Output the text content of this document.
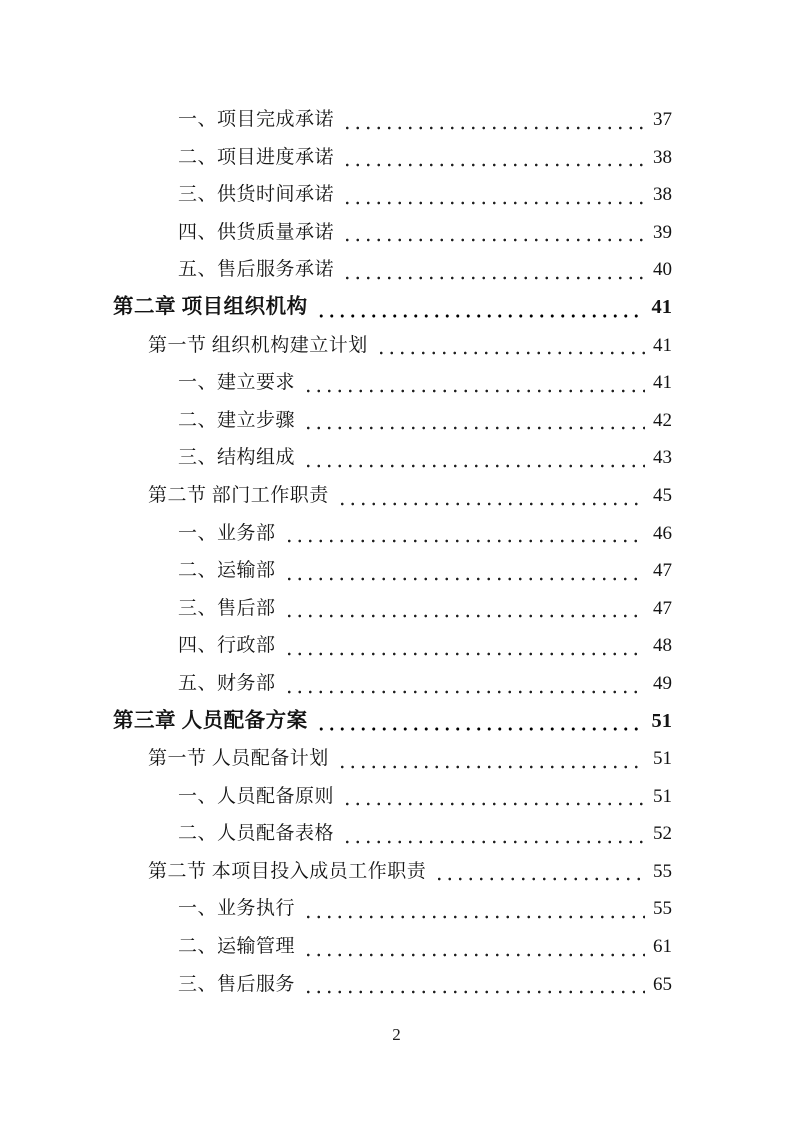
一、项目完成承诺	37
二、项目进度承诺	38
三、供货时间承诺	38
四、供货质量承诺	39
五、售后服务承诺	40
第二章 项目组织机构	41
第一节 组织机构建立计划	41
一、建立要求	41
二、建立步骤	42
三、结构组成	43
第二节 部门工作职责	45
一、业务部	46
二、运输部	47
三、售后部	47
四、行政部	48
五、财务部	49
第三章 人员配备方案	51
第一节 人员配备计划	51
一、人员配备原则	51
二、人员配备表格	52
第二节 本项目投入成员工作职责	55
一、业务执行	55
二、运输管理	61
三、售后服务	65
2
